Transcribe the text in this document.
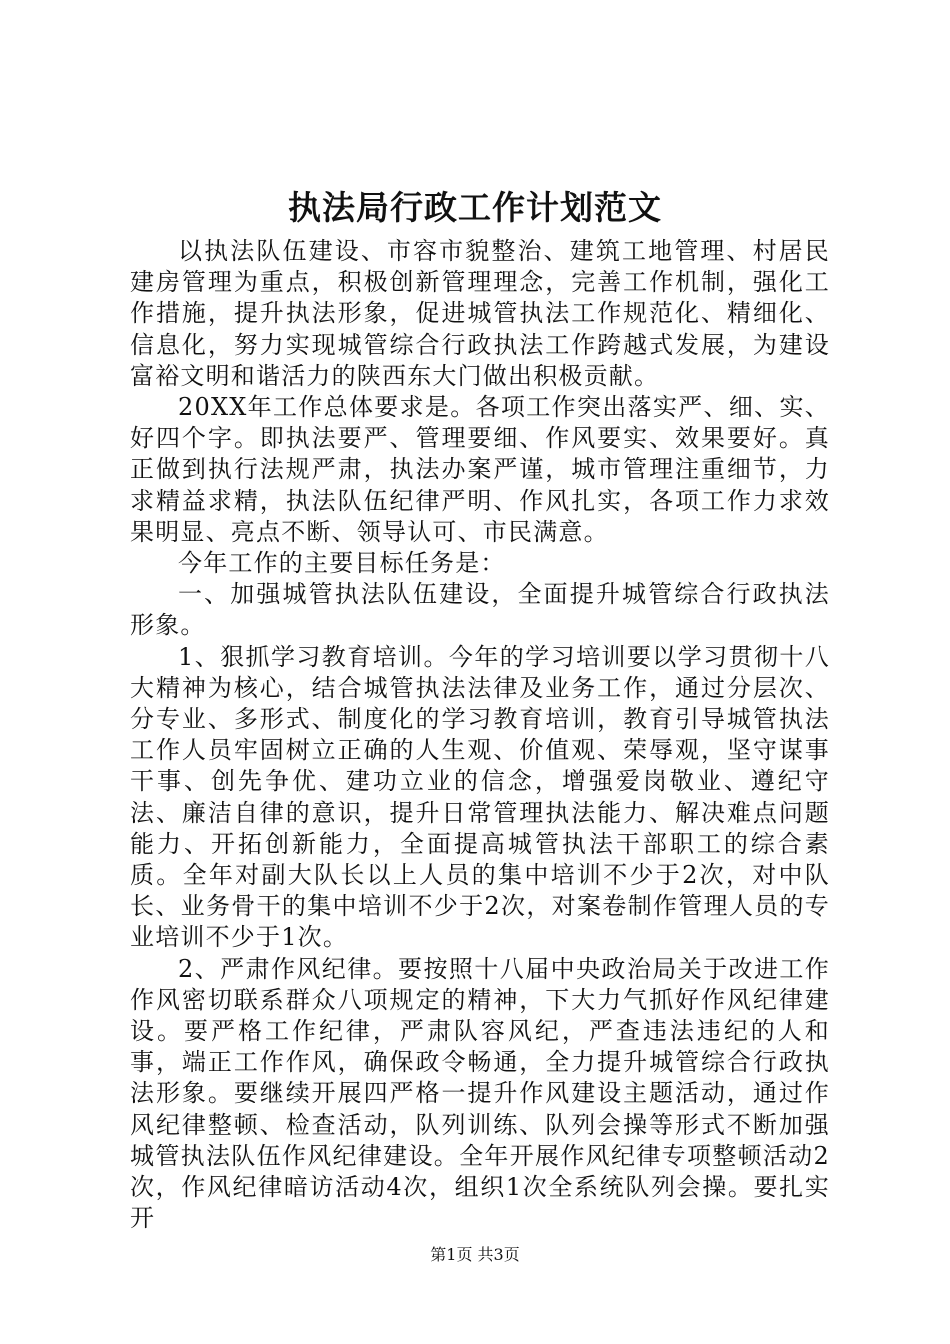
执法局行政工作计划范文

以执法队伍建设、市容市貌整治、建筑工地管理、村居民建房管理为重点，积极创新管理理念，完善工作机制，强化工作措施，提升执法形象，促进城管执法工作规范化、精细化、信息化，努力实现城管综合行政执法工作跨越式发展，为建设富裕文明和谐活力的陕西东大门做出积极贡献。

20XX年工作总体要求是。各项工作突出落实严、细、实、好四个字。即执法要严、管理要细、作风要实、效果要好。真正做到执行法规严肃，执法办案严谨，城市管理注重细节，力求精益求精，执法队伍纪律严明、作风扎实，各项工作力求效果明显、亮点不断、领导认可、市民满意。

今年工作的主要目标任务是：

一、加强城管执法队伍建设，全面提升城管综合行政执法形象。

1、狠抓学习教育培训。今年的学习培训要以学习贯彻十八大精神为核心，结合城管执法法律及业务工作，通过分层次、分专业、多形式、制度化的学习教育培训，教育引导城管执法工作人员牢固树立正确的人生观、价值观、荣辱观，坚守谋事干事、创先争优、建功立业的信念，增强爱岗敬业、遵纪守法、廉洁自律的意识，提升日常管理执法能力、解决难点问题能力、开拓创新能力，全面提高城管执法干部职工的综合素质。全年对副大队长以上人员的集中培训不少于2次，对中队长、业务骨干的集中培训不少于2次，对案卷制作管理人员的专业培训不少于1次。

2、严肃作风纪律。要按照十八届中央政治局关于改进工作作风密切联系群众八项规定的精神，下大力气抓好作风纪律建设。要严格工作纪律，严肃队容风纪，严查违法违纪的人和事，端正工作作风，确保政令畅通，全力提升城管综合行政执法形象。要继续开展四严格一提升作风建设主题活动，通过作风纪律整顿、检查活动，队列训练、队列会操等形式不断加强城管执法队伍作风纪律建设。全年开展作风纪律专项整顿活动2次，作风纪律暗访活动4次，组织1次全系统队列会操。要扎实开

第1页 共3页
